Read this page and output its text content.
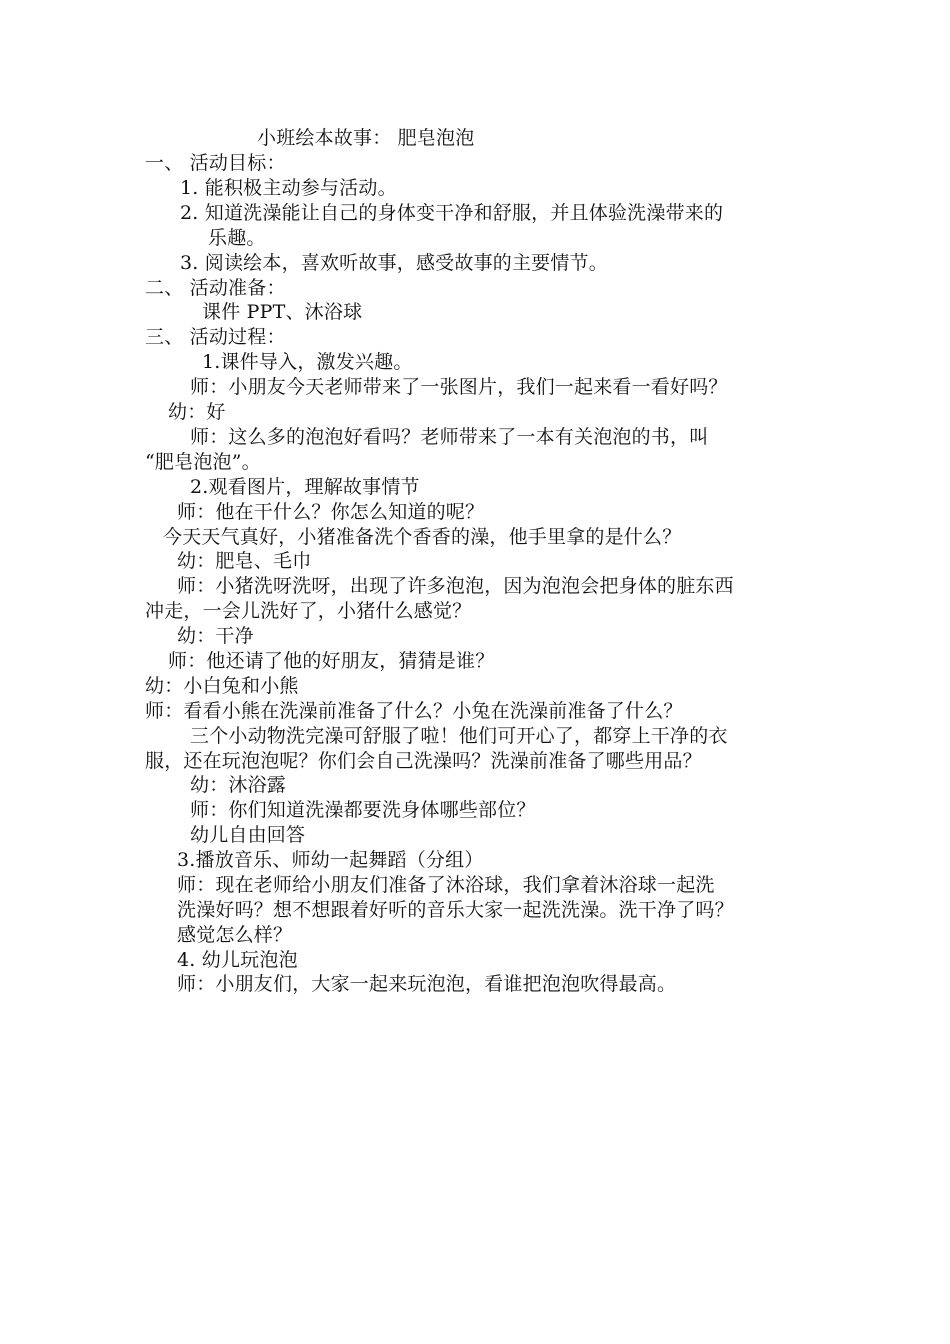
小班绘本故事： 肥皂泡泡
一、 活动目标：
1. 能积极主动参与活动。
2. 知道洗澡能让自己的身体变干净和舒服，并且体验洗澡带来的
乐趣。
3. 阅读绘本，喜欢听故事，感受故事的主要情节。
二、 活动准备：
课件 PPT、沐浴球
三、 活动过程：
1.课件导入，激发兴趣。
师：小朋友今天老师带来了一张图片，我们一起来看一看好吗？
幼：好
师：这么多的泡泡好看吗？老师带来了一本有关泡泡的书，叫
“肥皂泡泡”。
2.观看图片，理解故事情节
师：他在干什么？你怎么知道的呢？
今天天气真好，小猪准备洗个香香的澡，他手里拿的是什么？
幼：肥皂、毛巾
师：小猪洗呀洗呀，出现了许多泡泡，因为泡泡会把身体的脏东西
冲走，一会儿洗好了，小猪什么感觉？
幼：干净
师：他还请了他的好朋友，猜猜是谁？
幼：小白兔和小熊
师：看看小熊在洗澡前准备了什么？小兔在洗澡前准备了什么？
三个小动物洗完澡可舒服了啦！他们可开心了，都穿上干净的衣
服，还在玩泡泡呢？你们会自己洗澡吗？洗澡前准备了哪些用品？
幼：沐浴露
师：你们知道洗澡都要洗身体哪些部位？
幼儿自由回答
3.播放音乐、师幼一起舞蹈（分组）
师：现在老师给小朋友们准备了沐浴球，我们拿着沐浴球一起洗
洗澡好吗？想不想跟着好听的音乐大家一起洗洗澡。洗干净了吗？
感觉怎么样？
4. 幼儿玩泡泡
师：小朋友们，大家一起来玩泡泡，看谁把泡泡吹得最高。
